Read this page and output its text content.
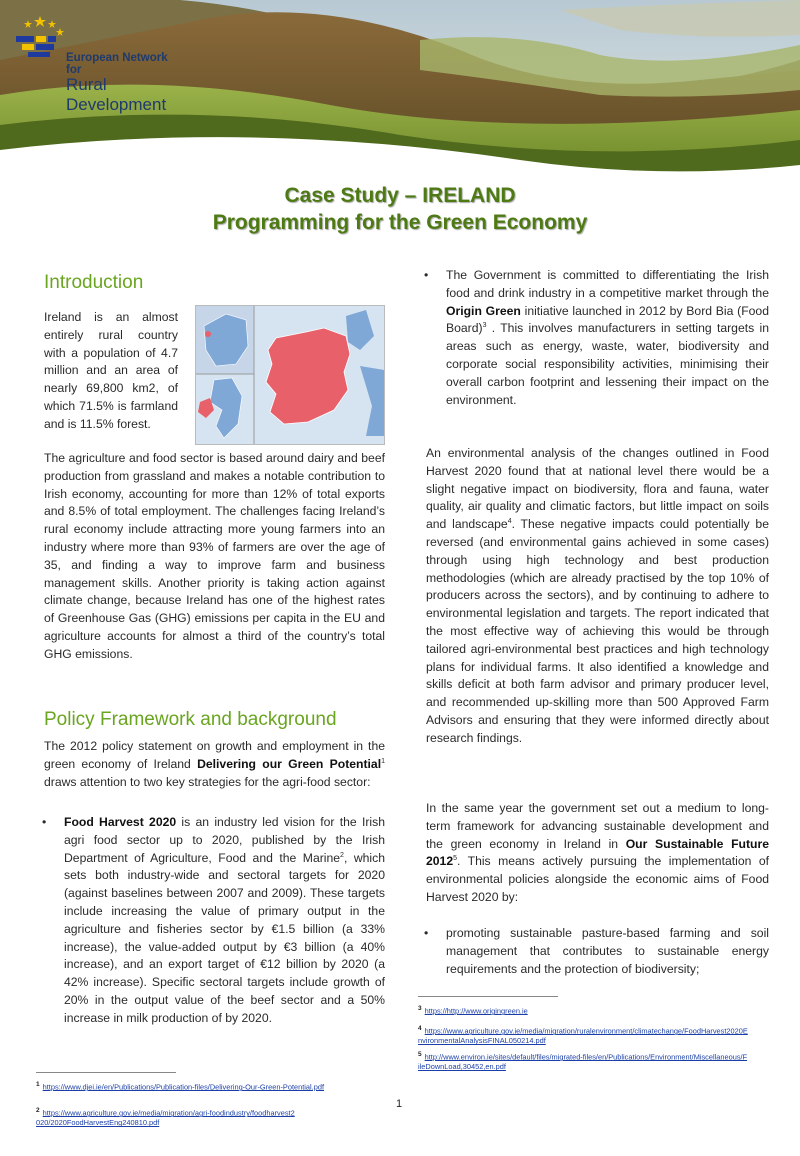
European Network for
Rural Development
Case Study – IRELAND
Programming for the Green Economy
Introduction

Ireland is an almost entirely rural country with a population of 4.7 million and an area of nearly 69,800 km2, of which 71.5% is farmland and is 11.5% forest.

The agriculture and food sector is based around dairy and beef production from grassland and makes a notable contribution to Irish economy, accounting for more than 12% of total exports and 8.5% of total employment. The challenges facing Ireland’s rural economy include attracting more young farmers into an industry where more than 93% of farmers are over the age of 35, and finding a way to improve farm and business management skills. Another priority is taking action against climate change, because Ireland has one of the highest rates of Greenhouse Gas (GHG) emissions per capita in the EU and agriculture accounts for almost a third of the country’s total GHG emissions.

Policy Framework and background

The 2012 policy statement on growth and employment in the green economy of Ireland Delivering our Green Potential$^1$ draws attention to two key strategies for the agri-food sector:

• Food Harvest 2020 is an industry led vision for the Irish agri food sector up to 2020, published by the Irish Department of Agriculture, Food and the Marine$^2$, which sets both industry-wide and sectoral targets for 2020 (against baselines between 2007 and 2009). These targets include increasing the value of primary output in the agriculture and fisheries sector by €1.5 billion (a 33% increase), the value-added output by €3 billion (a 40% increase), and an export target of €12 billion by 2020 (a 42% increase). Specific sectoral targets include growth of 20% in the output value of the beef sector and a 50% increase in milk production of by 2020.
• The Government is committed to differentiating the Irish food and drink industry in a competitive market through the Origin Green initiative launched in 2012 by Bord Bia (Food Board)$^3$ . This involves manufacturers in setting targets in areas such as energy, waste, water, biodiversity and corporate social responsibility activities, minimising their overall carbon footprint and lessening their impact on the environment.

An environmental analysis of the changes outlined in Food Harvest 2020 found that at national level there would be a slight negative impact on biodiversity, flora and fauna, water quality, air quality and climatic factors, but little impact on soils and landscape$^4$. These negative impacts could potentially be reversed (and environmental gains achieved in some cases) through using high technology and best production methodologies (which are already practised by the top 10% of producers across the sectors), and by continuing to adhere to environmental legislation and targets. The report indicated that the most effective way of achieving this would be through tailored agri-environmental best practices and high technology plans for individual farms. It also identified a knowledge and skills deficit at both farm advisor and primary producer level, and recommended up-skilling more than 500 Approved Farm Advisors and ensuring that they were informed directly about research findings.

In the same year the government set out a medium to long-term framework for advancing sustainable development and the green economy in Ireland in Our Sustainable Future 2012$^5$. This means actively pursuing the implementation of environmental policies alongside the economic aims of Food Harvest 2020 by:

• promoting sustainable pasture-based farming and soil management that contributes to sustainable energy requirements and the protection of biodiversity;
3 https://http://www.origingreen.ie
4 https://www.agriculture.gov.ie/media/migration/ruralenvironment/climatechange/FoodHarvest2020EnvironmentalAnalysisFINAL050214.pdf
5 http://www.environ.ie/sites/default/files/migrated-files/en/Publications/Environment/Miscellaneous/FileDownLoad,30452,en.pdf
1 https://www.djei.ie/en/Publications/Publication-files/Delivering-Our-Green-Potential.pdf
2 https://www.agriculture.gov.ie/media/migration/agri-foodindustry/foodharvest2020/2020FoodHarvestEng240810.pdf
1
